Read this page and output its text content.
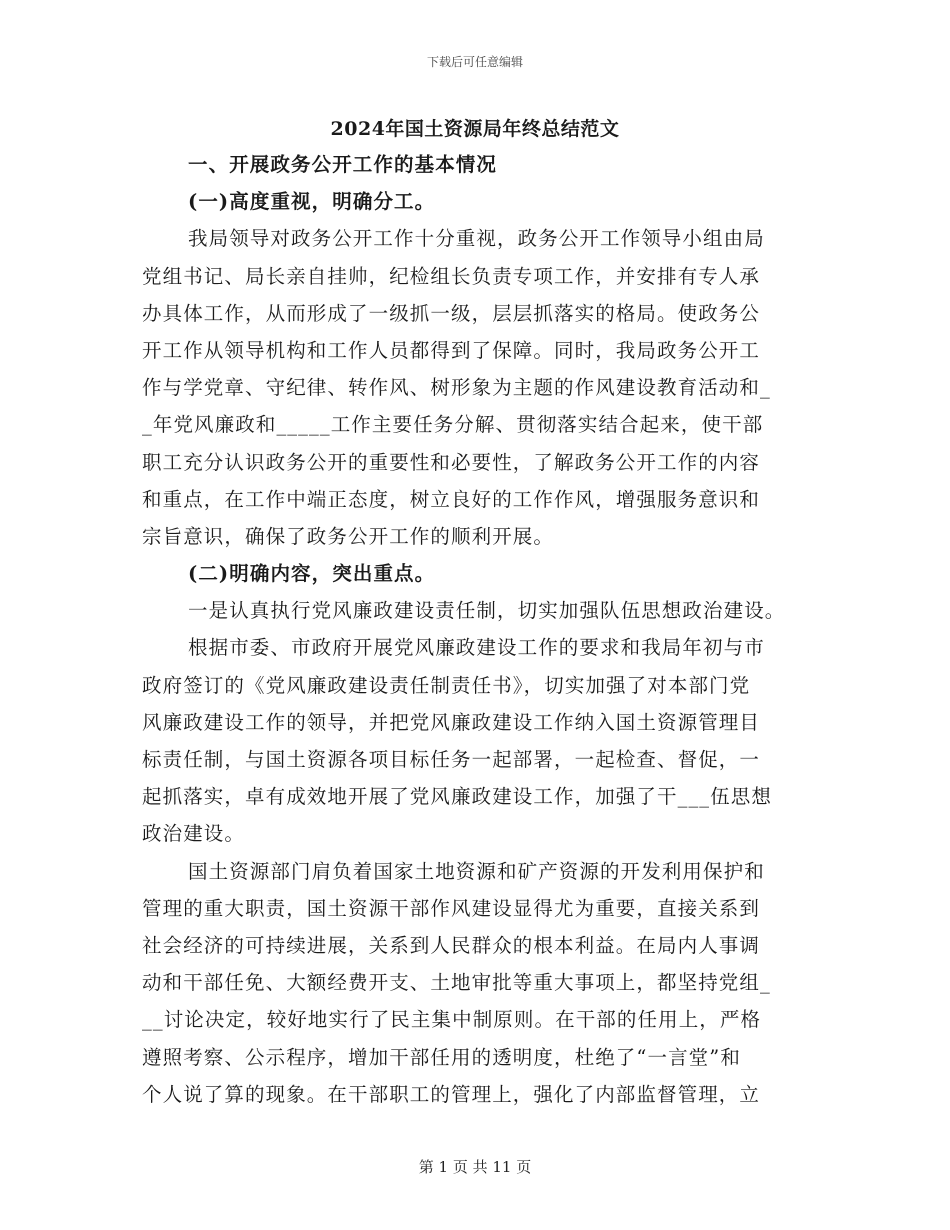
下载后可任意编辑
2024年国土资源局年终总结范文
一、开展政务公开工作的基本情况
(一)高度重视，明确分工。
我局领导对政务公开工作十分重视，政务公开工作领导小组由局
党组书记、局长亲自挂帅，纪检组长负责专项工作，并安排有专人承
办具体工作，从而形成了一级抓一级，层层抓落实的格局。使政务公
开工作从领导机构和工作人员都得到了保障。同时，我局政务公开工
作与学党章、守纪律、转作风、树形象为主题的作风建设教育活动和_
_年党风廉政和_____工作主要任务分解、贯彻落实结合起来，使干部
职工充分认识政务公开的重要性和必要性，了解政务公开工作的内容
和重点，在工作中端正态度，树立良好的工作作风，增强服务意识和
宗旨意识，确保了政务公开工作的顺利开展。
(二)明确内容，突出重点。
一是认真执行党风廉政建设责任制，切实加强队伍思想政治建设。
根据市委、市政府开展党风廉政建设工作的要求和我局年初与市
政府签订的《党风廉政建设责任制责任书》，切实加强了对本部门党
风廉政建设工作的领导，并把党风廉政建设工作纳入国土资源管理目
标责任制，与国土资源各项目标任务一起部署，一起检查、督促，一
起抓落实，卓有成效地开展了党风廉政建设工作，加强了干___伍思想
政治建设。
国土资源部门肩负着国家土地资源和矿产资源的开发利用保护和
管理的重大职责，国土资源干部作风建设显得尤为重要，直接关系到
社会经济的可持续进展，关系到人民群众的根本利益。在局内人事调
动和干部任免、大额经费开支、土地审批等重大事项上，都坚持党组_
__讨论决定，较好地实行了民主集中制原则。在干部的任用上，严格
遵照考察、公示程序，增加干部任用的透明度，杜绝了“一言堂”和
个人说了算的现象。在干部职工的管理上，强化了内部监督管理，立
第 1 页 共 11 页
